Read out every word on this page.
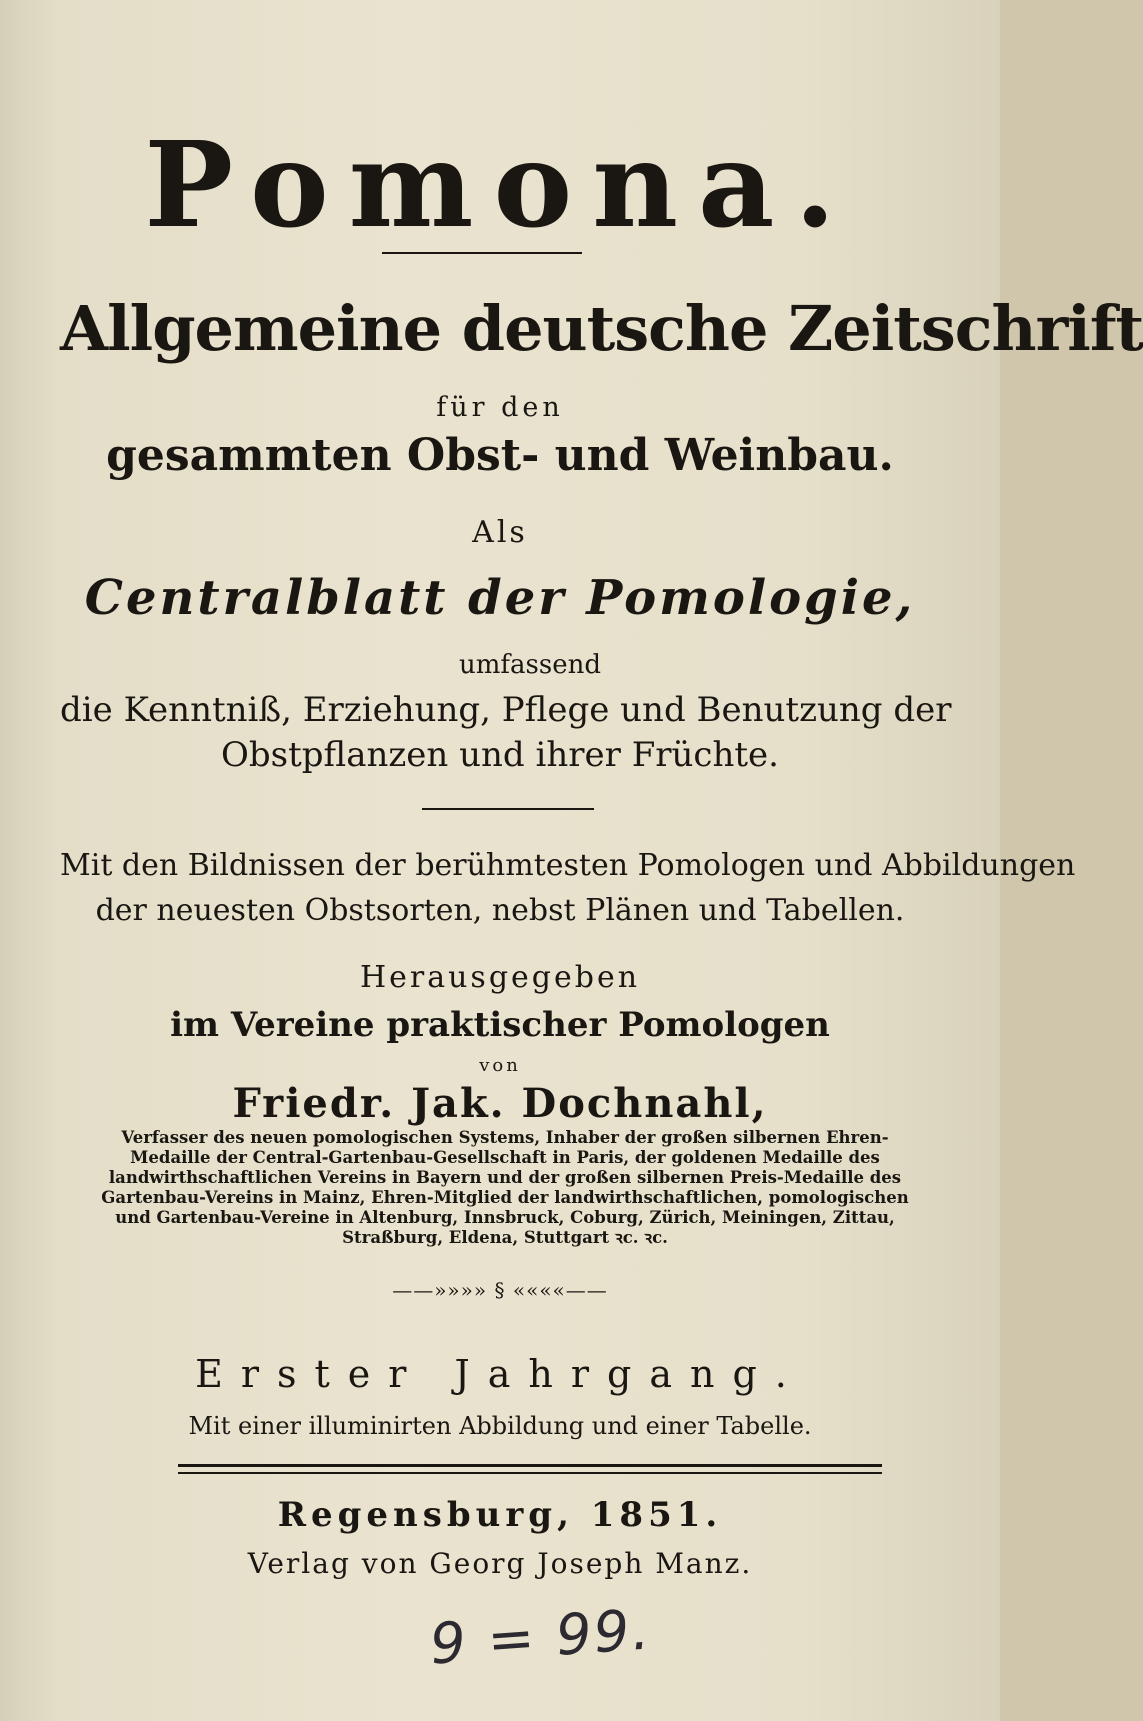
Pomona.
Allgemeine deutsche Zeitschrift
für den
gesammten Obst- und Weinbau.
Als
Centralblatt der Pomologie,
umfassend
die Kenntniß, Erziehung, Pflege und Benutzung der
Obstpflanzen und ihrer Früchte.
Mit den Bildnissen der berühmtesten Pomologen und Abbildungen
der neuesten Obstsorten, nebst Plänen und Tabellen.
Herausgegeben
im Vereine praktischer Pomologen
von
Friedr. Jak. Dochnahl,
Verfasser des neuen pomologischen Systems, Inhaber der großen silbernen Ehren-Medaille der Central-Gartenbau-Gesellschaft in Paris, der goldenen Medaille des landwirthschaftlichen Vereins in Bayern und der großen silbernen Preis-Medaille des Gartenbau-Vereins in Mainz, Ehren-Mitglied der landwirthschaftlichen, pomologischen und Gartenbau-Vereine in Altenburg, Innsbruck, Coburg, Zürich, Meiningen, Zittau, Straßburg, Eldena, Stuttgart ꝛc. ꝛc.
——»»»» § ««««——
Erster Jahrgang.
Mit einer illuminirten Abbildung und einer Tabelle.
Regensburg, 1851.
Verlag von Georg Joseph Manz.
9 = 99.
